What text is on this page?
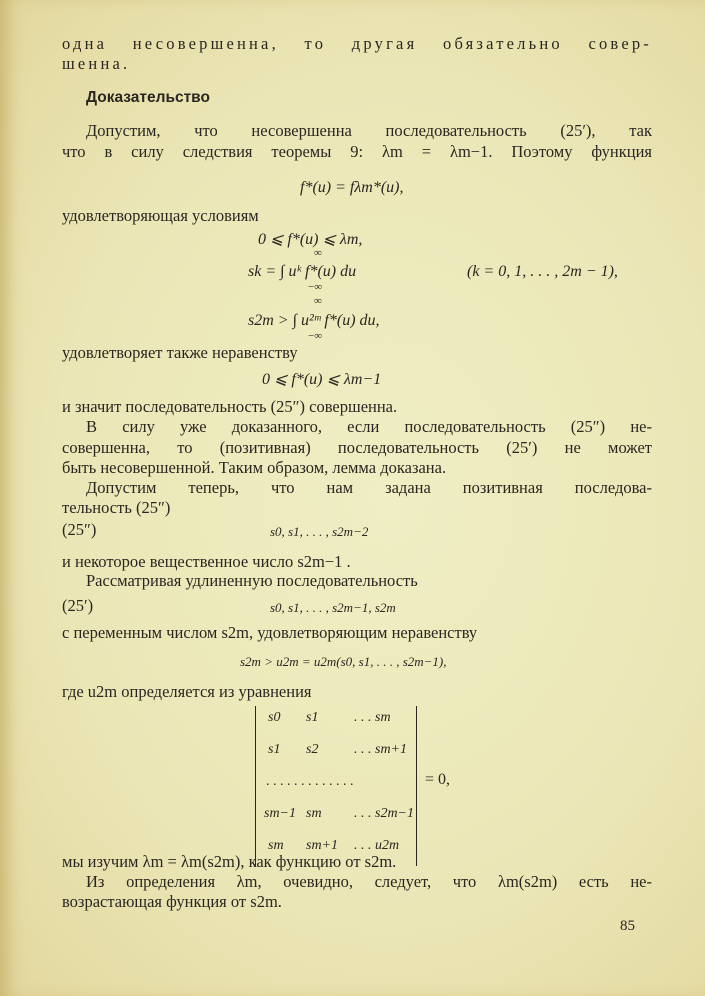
одна несовершенна, то другая обязательно совер-
шенна.
Доказательство
Допустим, что несовершенна последовательность (25′), так
что в силу следствия теоремы 9: λm = λm−1. Поэтому функция
f*(u) = fλm*(u),
удовлетворяющая условиям
0 ⩽ f*(u) ⩽ λm,
∞
sk = ∫ uᵏ f*(u) du
−∞
(k = 0, 1, . . . , 2m − 1),
∞
s2m > ∫ u²ᵐ f*(u) du,
−∞
удовлетворяет также неравенству
0 ⩽ f*(u) ⩽ λm−1
и значит последовательность (25″) совершенна.
В силу уже доказанного, если последовательность (25″) не-
совершенна, то (позитивная) последовательность (25′) не может
быть несовершенной. Таким образом, лемма доказана.
Допустим теперь, что нам задана позитивная последова-
тельность (25″)
(25″)	s0, s1, . . . , s2m−2
и некоторое вещественное число s2m−1 .
Рассматривая удлиненную последовательность
(25′)	s0, s1, . . . , s2m−1, s2m
с переменным числом s2m, удовлетворяющим неравенству
s2m > u2m = u2m(s0, s1, . . . , s2m−1),
где u2m определяется из уравнения
s0 s1	. . . sm
s1 s2	. . . sm+1
. . . . . . . . . . . . .
sm−1 sm . . . s2m−1
sm sm+1 . . . u2m
= 0,
мы изучим λm = λm(s2m), как функцию от s2m.
Из определения λm, очевидно, следует, что λm(s2m) есть не-
возрастающая функция от s2m.
85
